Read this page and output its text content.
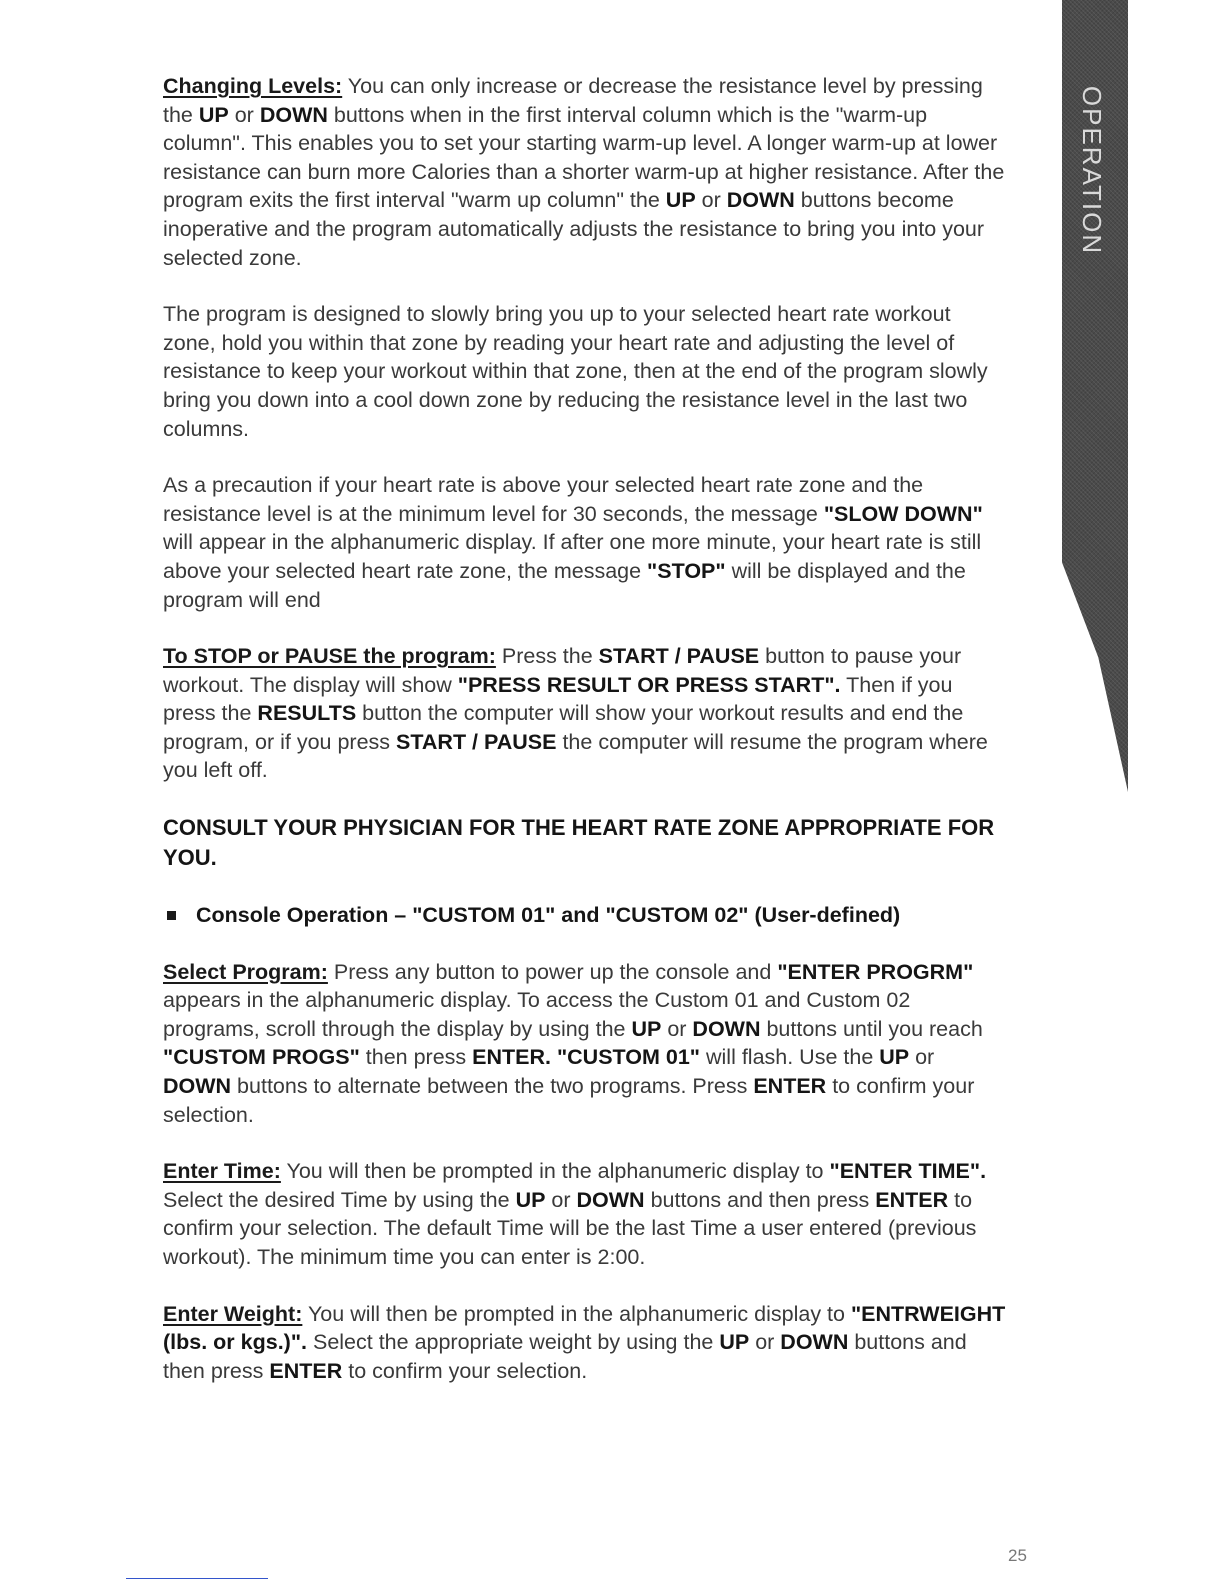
OPERATION

Changing Levels: You can only increase or decrease the resistance level by pressing the UP or DOWN buttons when in the first interval column which is the "warm-up column". This enables you to set your starting warm-up level. A longer warm-up at lower resistance can burn more Calories than a shorter warm-up at higher resistance. After the program exits the first interval "warm up column" the UP or DOWN buttons become inoperative and the program automatically adjusts the resistance to bring you into your selected zone.

The program is designed to slowly bring you up to your selected heart rate workout zone, hold you within that zone by reading your heart rate and adjusting the level of resistance to keep your workout within that zone, then at the end of the program slowly bring you down into a cool down zone by reducing the resistance level in the last two columns.

As a precaution if your heart rate is above your selected heart rate zone and the resistance level is at the minimum level for 30 seconds, the message "SLOW DOWN" will appear in the alphanumeric display. If after one more minute, your heart rate is still above your selected heart rate zone, the message "STOP" will be displayed and the program will end

To STOP or PAUSE the program: Press the START / PAUSE button to pause your workout. The display will show "PRESS RESULT OR PRESS START". Then if you press the RESULTS button the computer will show your workout results and end the program, or if you press START / PAUSE the computer will resume the program where you left off.

CONSULT YOUR PHYSICIAN FOR THE HEART RATE ZONE APPROPRIATE FOR YOU.

Console Operation – "CUSTOM 01" and "CUSTOM 02" (User-defined)

Select Program: Press any button to power up the console and "ENTER PROGRM" appears in the alphanumeric display. To access the Custom 01 and Custom 02 programs, scroll through the display by using the UP or DOWN buttons until you reach "CUSTOM PROGS" then press ENTER. "CUSTOM 01" will flash. Use the UP or DOWN buttons to alternate between the two programs. Press ENTER to confirm your selection.

Enter Time: You will then be prompted in the alphanumeric display to "ENTER TIME". Select the desired Time by using the UP or DOWN buttons and then press ENTER to confirm your selection. The default Time will be the last Time a user entered (previous workout). The minimum time you can enter is 2:00.

Enter Weight: You will then be prompted in the alphanumeric display to "ENTRWEIGHT (lbs. or kgs.)". Select the appropriate weight by using the UP or DOWN buttons and then press ENTER to confirm your selection.

25
